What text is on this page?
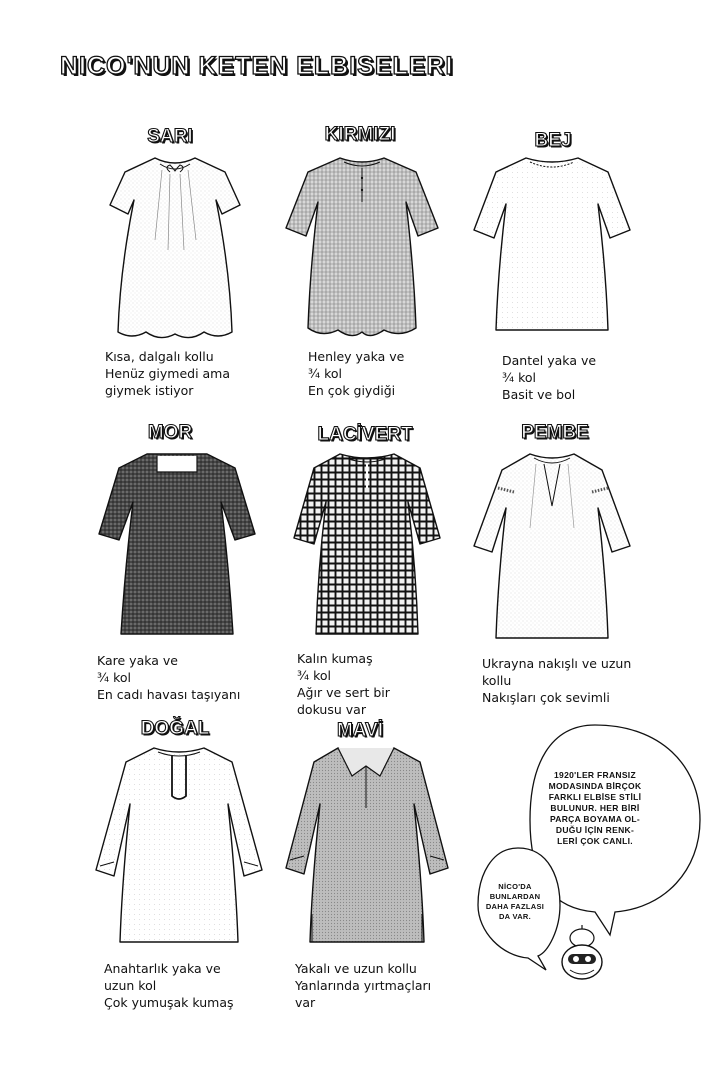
NICO'NUN KETEN ELBISELERI
SARI	KIRMIZI	BEJ
Kısa, dalgalı kollu
Henüz giymedi ama
giymek istiyor
Henley yaka ve
¾ kol
En çok giydiği
Dantel yaka ve
¾ kol
Basit ve bol
MOR	LACİVERT	PEMBE
Kare yaka ve
¾ kol
En cadı havası taşıyanı
Kalın kumaş
¾ kol
Ağır ve sert bir
dokusu var
Ukrayna nakışlı ve uzun
kollu
Nakışları çok sevimli
DOĞAL	MAVİ
Anahtarlık yaka ve
uzun kol
Çok yumuşak kumaş
Yakalı ve uzun kollu
Yanlarında yırtmaçları
var
1920'LER FRANSIZ
MODASINDA BİRÇOK
FARKLI ELBİSE STİLİ
BULUNUR. HER BİRİ
PARÇA BOYAMA OL-
DUĞU İÇİN RENK-
LERİ ÇOK CANLI.
NİCO'DA
BUNLARDAN
DAHA FAZLASI
DA VAR.
